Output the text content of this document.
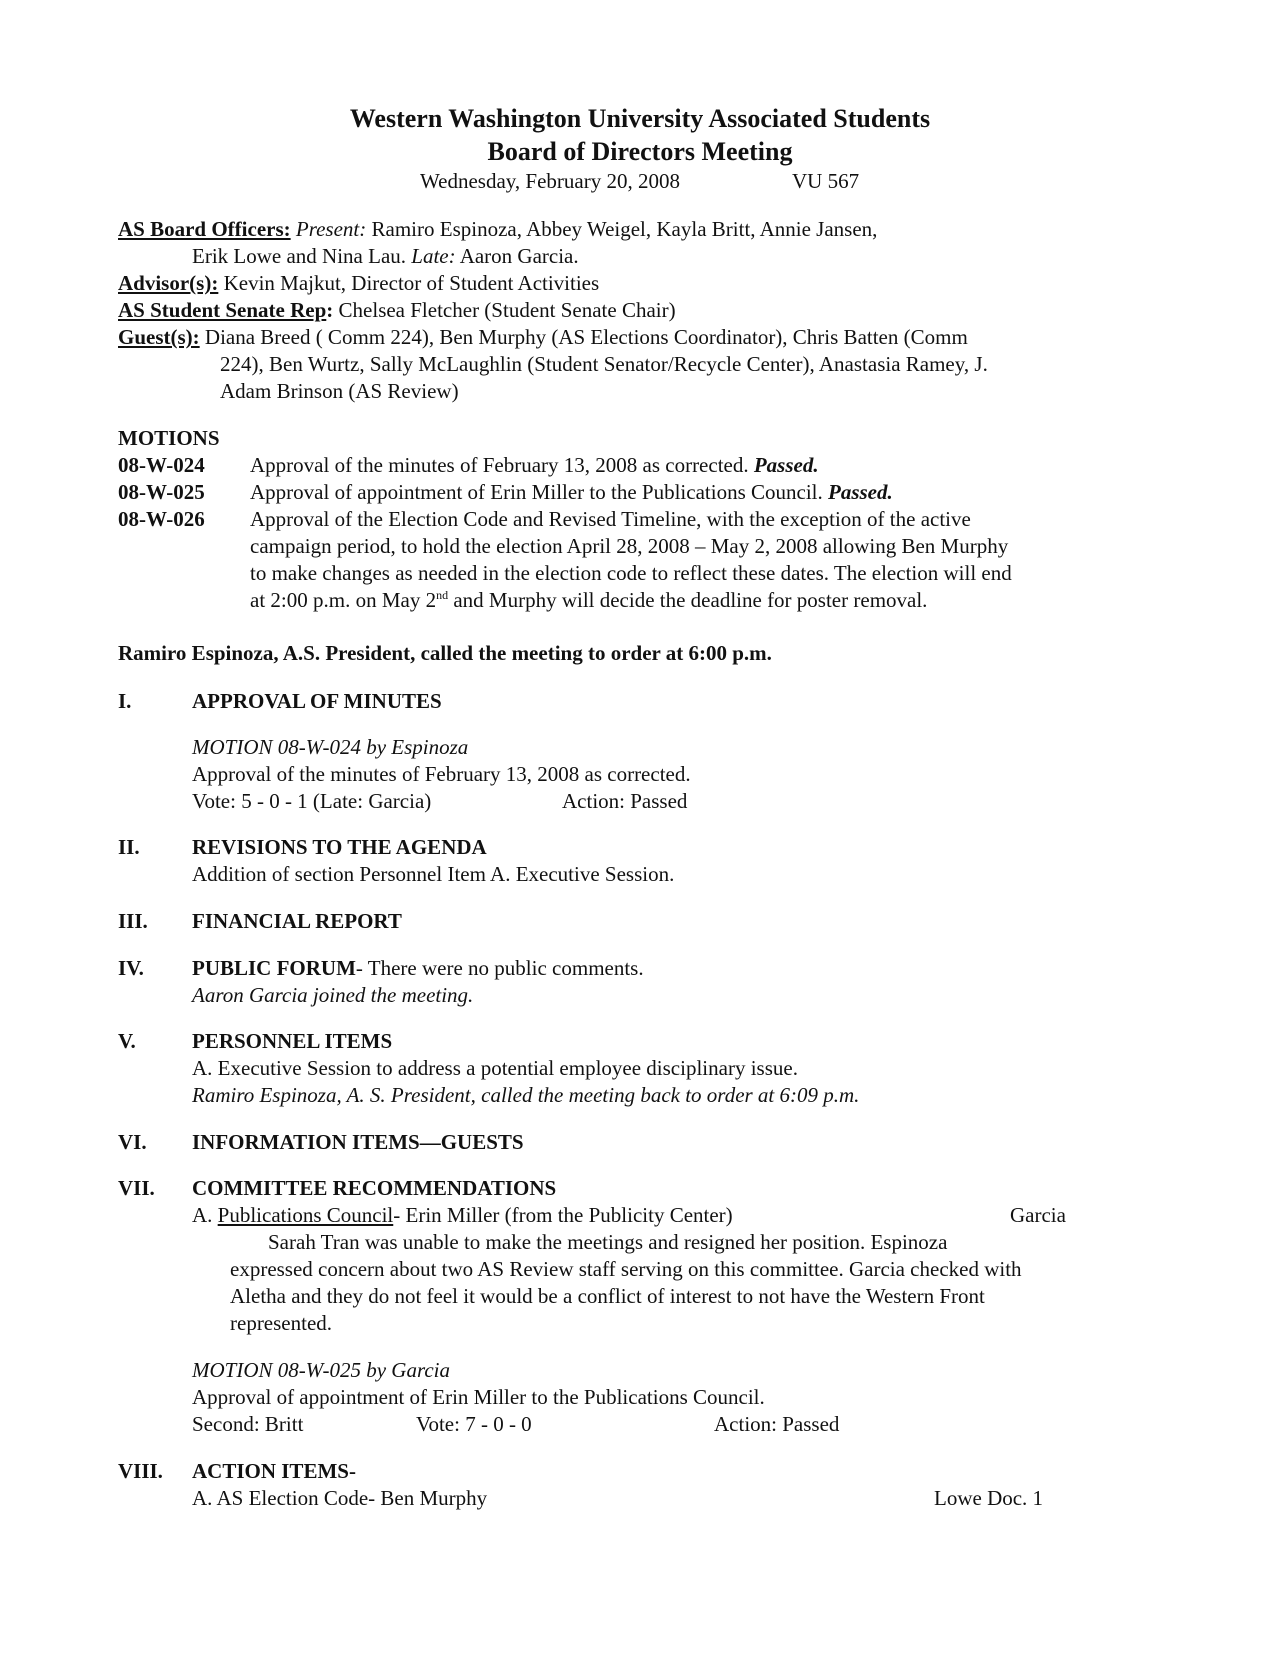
Western Washington University Associated Students
Board of Directors Meeting
Wednesday, February 20, 2008	VU 567
AS Board Officers: Present: Ramiro Espinoza, Abbey Weigel, Kayla Britt, Annie Jansen,
Erik Lowe and Nina Lau. Late: Aaron Garcia.
Advisor(s): Kevin Majkut, Director of Student Activities
AS Student Senate Rep: Chelsea Fletcher (Student Senate Chair)
Guest(s): Diana Breed ( Comm 224), Ben Murphy (AS Elections Coordinator), Chris Batten (Comm
224), Ben Wurtz, Sally McLaughlin (Student Senator/Recycle Center), Anastasia Ramey, J.
Adam Brinson (AS Review)
MOTIONS
08-W-024 Approval of the minutes of February 13, 2008 as corrected. Passed.
08-W-025 Approval of appointment of Erin Miller to the Publications Council. Passed.
08-W-026 Approval of the Election Code and Revised Timeline, with the exception of the active
campaign period, to hold the election April 28, 2008 – May 2, 2008 allowing Ben Murphy
to make changes as needed in the election code to reflect these dates. The election will end
at 2:00 p.m. on May 2nd and Murphy will decide the deadline for poster removal.
Ramiro Espinoza, A.S. President, called the meeting to order at 6:00 p.m.
I.	APPROVAL OF MINUTES
MOTION 08-W-024 by Espinoza
Approval of the minutes of February 13, 2008 as corrected.
Vote: 5 - 0 - 1 (Late: Garcia)	Action: Passed
II. REVISIONS TO THE AGENDA
Addition of section Personnel Item A. Executive Session.
III. FINANCIAL REPORT
IV. PUBLIC FORUM- There were no public comments.
Aaron Garcia joined the meeting.
V.	PERSONNEL ITEMS
A. Executive Session to address a potential employee disciplinary issue.
Ramiro Espinoza, A. S. President, called the meeting back to order at 6:09 p.m.
VI. INFORMATION ITEMS—GUESTS
VII. COMMITTEE RECOMMENDATIONS
A. Publications Council- Erin Miller (from the Publicity Center)	Garcia
Sarah Tran was unable to make the meetings and resigned her position. Espinoza
expressed concern about two AS Review staff serving on this committee. Garcia checked with
Aletha and they do not feel it would be a conflict of interest to not have the Western Front
represented.
MOTION 08-W-025 by Garcia
Approval of appointment of Erin Miller to the Publications Council.
Second: Britt	Vote: 7 - 0 - 0	Action: Passed
VIII. ACTION ITEMS-
A. AS Election Code- Ben Murphy	Lowe Doc. 1
